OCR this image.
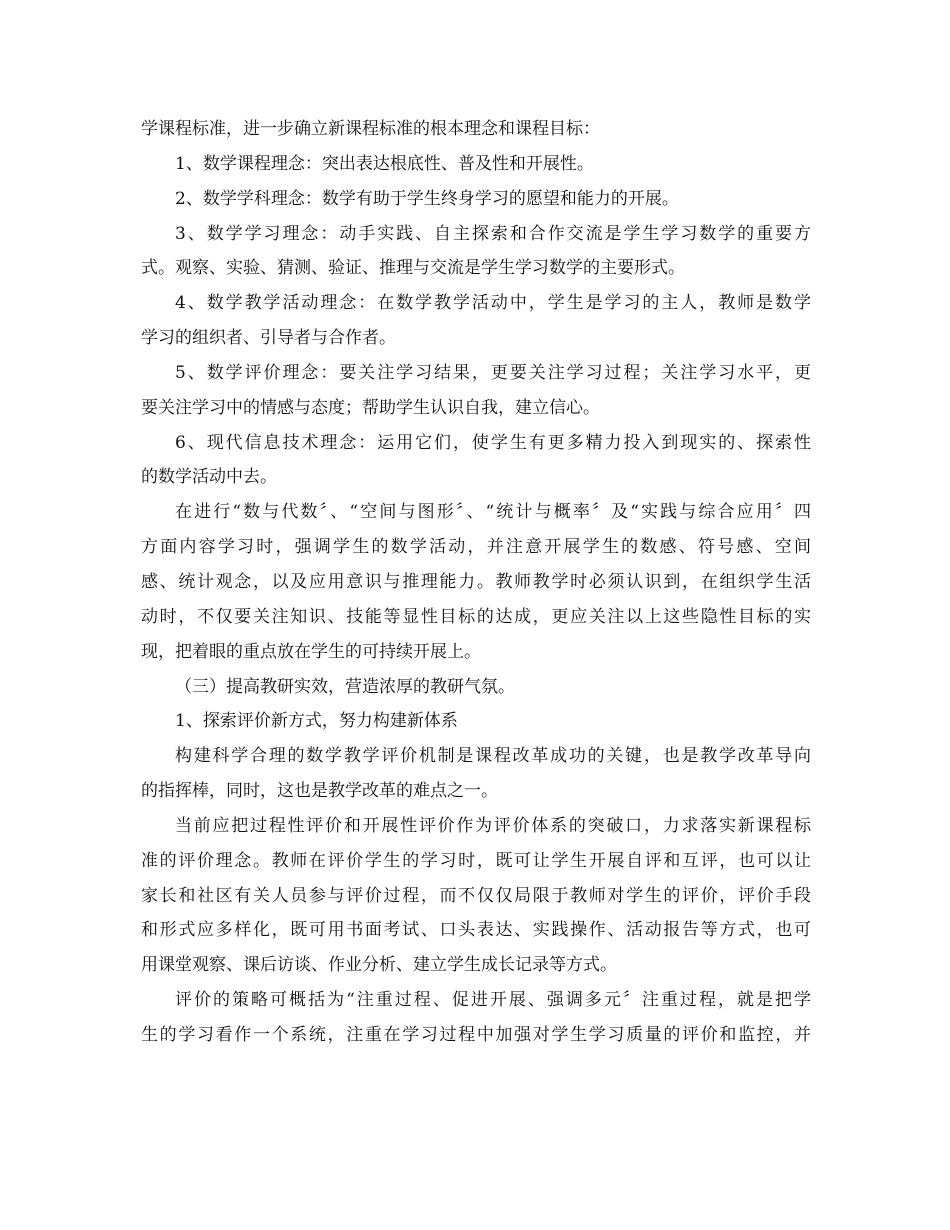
学课程标准，进一步确立新课程标准的根本理念和课程目标：
1、数学课程理念：突出表达根底性、普及性和开展性。
2、数学学科理念：数学有助于学生终身学习的愿望和能力的开展。
3、数学学习理念：动手实践、自主探索和合作交流是学生学习数学的重要方
式。观察、实验、猜测、验证、推理与交流是学生学习数学的主要形式。
4、数学教学活动理念：在数学教学活动中，学生是学习的主人，教师是数学
学习的组织者、引导者与合作者。
5、数学评价理念：要关注学习结果，更要关注学习过程；关注学习水平，更
要关注学习中的情感与态度；帮助学生认识自我，建立信心。
6、现代信息技术理念：运用它们，使学生有更多精力投入到现实的、探索性
的数学活动中去。
在进行“数与代数〞、“空间与图形〞、“统计与概率〞及“实践与综合应用〞四
方面内容学习时，强调学生的数学活动，并注意开展学生的数感、符号感、空间
感、统计观念，以及应用意识与推理能力。教师教学时必须认识到，在组织学生活
动时，不仅要关注知识、技能等显性目标的达成，更应关注以上这些隐性目标的实
现，把着眼的重点放在学生的可持续开展上。
（三）提高教研实效，营造浓厚的教研气氛。
1、探索评价新方式，努力构建新体系
构建科学合理的数学教学评价机制是课程改革成功的关键，也是教学改革导向
的指挥棒，同时，这也是教学改革的难点之一。
当前应把过程性评价和开展性评价作为评价体系的突破口，力求落实新课程标
准的评价理念。教师在评价学生的学习时，既可让学生开展自评和互评，也可以让
家长和社区有关人员参与评价过程，而不仅仅局限于教师对学生的评价，评价手段
和形式应多样化，既可用书面考试、口头表达、实践操作、活动报告等方式，也可
用课堂观察、课后访谈、作业分析、建立学生成长记录等方式。
评价的策略可概括为“注重过程、促进开展、强调多元〞注重过程，就是把学
生的学习看作一个系统，注重在学习过程中加强对学生学习质量的评价和监控，并
